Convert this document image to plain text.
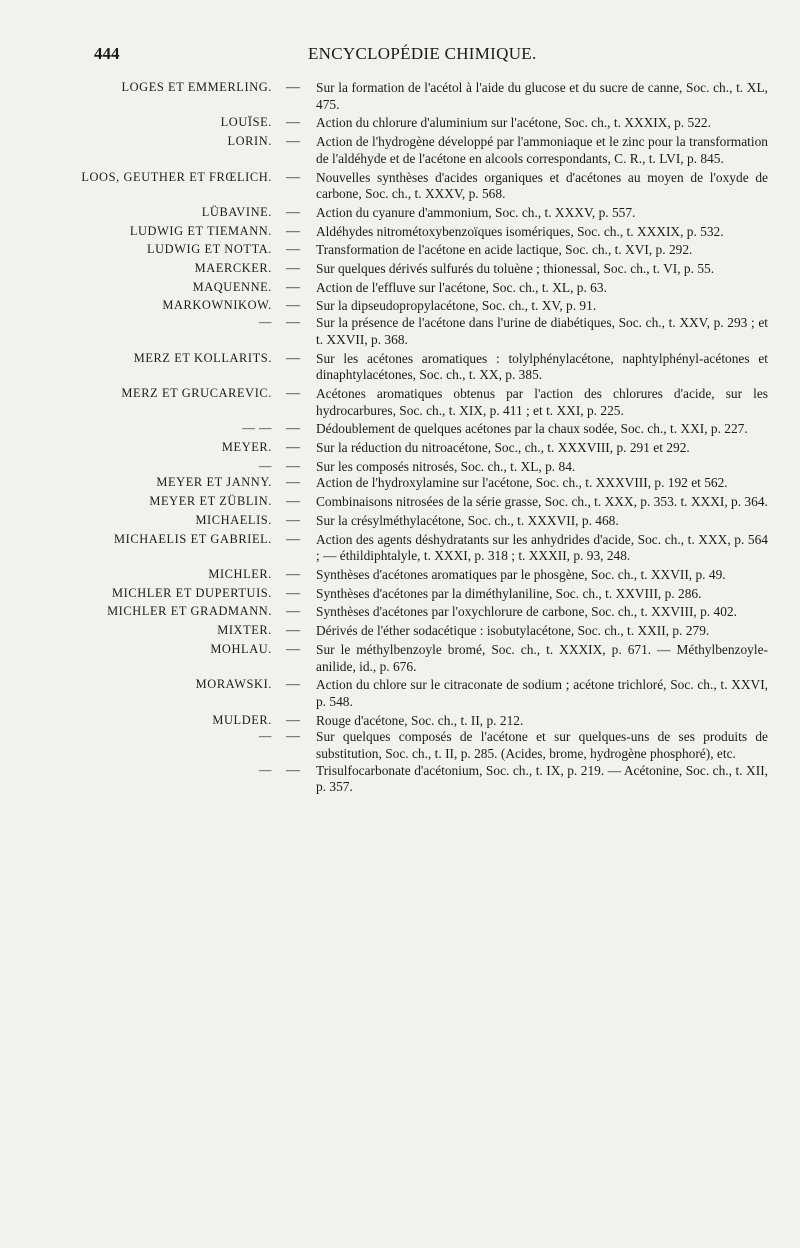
444	ENCYCLOPÉDIE CHIMIQUE.
LOGES ET EMMERLING. — Sur la formation de l'acétol à l'aide du glucose et du sucre de canne, Soc. ch., t. XL, 475.
LOUÏSE. — Action du chlorure d'aluminium sur l'acétone, Soc. ch., t. XXXIX, p. 522.
LORIN. — Action de l'hydrogène développé par l'ammoniaque et le zinc pour la transformation de l'aldéhyde et de l'acétone en alcools correspondants, C. R., t. LVI, p. 845.
LOOS, GEUTHER ET FRŒLICH. — Nouvelles synthèses d'acides organiques et d'acétones au moyen de l'oxyde de carbone, Soc. ch., t. XXXV, p. 568.
LÜBAVINE. — Action du cyanure d'ammonium, Soc. ch., t. XXXV, p. 557.
LUDWIG ET TIEMANN. — Aldéhydes nitrométoxybenzoïques isomériques, Soc. ch., t. XXXIX, p. 532.
LUDWIG ET NOTTA. — Transformation de l'acétone en acide lactique, Soc. ch., t. XVI, p. 292.
MAERCKER. — Sur quelques dérivés sulfurés du toluène ; thionessal, Soc. ch., t. VI, p. 55.
MAQUENNE. — Action de l'effluve sur l'acétone, Soc. ch., t. XL, p. 63.
MARKOWNIKOW. — Sur la dipseudopropylacétone, Soc. ch., t. XV, p. 91.
— — Sur la présence de l'acétone dans l'urine de diabétiques, Soc. ch., t. XXV, p. 293 ; et t. XXVII, p. 368.
MERZ ET KOLLARITS. — Sur les acétones aromatiques : tolylphénylacétone, naphtylphényl-acétones et dinaphtylacétones, Soc. ch., t. XX, p. 385.
MERZ ET GRUCAREVIC. — Acétones aromatiques obtenus par l'action des chlorures d'acide, sur les hydrocarbures, Soc. ch., t. XIX, p. 411 ; et t. XXI, p. 225.
— — — Dédoublement de quelques acétones par la chaux sodée, Soc. ch., t. XXI, p. 227.
MEYER. — Sur la réduction du nitroacétone, Soc., ch., t. XXXVIII, p. 291 et 292.
— — Sur les composés nitrosés, Soc. ch., t. XL, p. 84.
MEYER ET JANNY. — Action de l'hydroxylamine sur l'acétone, Soc. ch., t. XXXVIII, p. 192 et 562.
MEYER ET ZÜBLIN. — Combinaisons nitrosées de la série grasse, Soc. ch., t. XXX, p. 353. t. XXXI, p. 364.
MICHAELIS. — Sur la crésylméthylacétone, Soc. ch., t. XXXVII, p. 468.
MICHAELIS ET GABRIEL. — Action des agents déshydratants sur les anhydrides d'acide, Soc. ch., t. XXX, p. 564 ; — éthildiphtalyle, t. XXXI, p. 318 ; t. XXXII, p. 93, 248.
MICHLER. — Synthèses d'acétones aromatiques par le phosgène, Soc. ch., t. XXVII, p. 49.
MICHLER ET DUPERTUIS. — Synthèses d'acétones par la diméthylaniline, Soc. ch., t. XXVIII, p. 286.
MICHLER ET GRADMANN. — Synthèses d'acétones par l'oxychlorure de carbone, Soc. ch., t. XXVIII, p. 402.
MIXTER. — Dérivés de l'éther sodacétique : isobutylacétone, Soc. ch., t. XXII, p. 279.
MOHLAU. — Sur le méthylbenzoyle bromé, Soc. ch., t. XXXIX, p. 671. — Méthylbenzoyle-anilide, id., p. 676.
MORAWSKI. — Action du chlore sur le citraconate de sodium ; acétone trichloré, Soc. ch., t. XXVI, p. 548.
MULDER. — Rouge d'acétone, Soc. ch., t. II, p. 212.
— — Sur quelques composés de l'acétone et sur quelques-uns de ses produits de substitution, Soc. ch., t. II, p. 285. (Acides, brome, hydrogène phosphoré), etc.
— — Trisulfocarbonate d'acétonium, Soc. ch., t. IX, p. 219. — Acétonine, Soc. ch., t. XII, p. 357.
